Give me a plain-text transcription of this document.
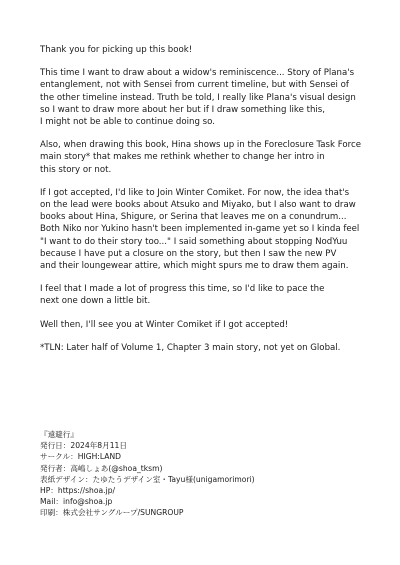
Thank you for picking up this book!

This time I want to draw about a widow's reminiscence... Story of Plana's
entanglement, not with Sensei from current timeline, but with Sensei of
the other timeline instead. Truth be told, I really like Plana's visual design
so I want to draw more about her but if I draw something like this,
I might not be able to continue doing so.

Also, when drawing this book, Hina shows up in the Foreclosure Task Force
main story* that makes me rethink whether to change her intro in
this story or not.

If I got accepted, I'd like to Join Winter Comiket. For now, the idea that's
on the lead were books about Atsuko and Miyako, but I also want to draw
books about Hina, Shigure, or Serina that leaves me on a conundrum...
Both Niko nor Yukino hasn't been implemented in-game yet so I kinda feel
"I want to do their story too..." I said something about stopping NodYuu
because I have put a closure on the story, but then I saw the new PV
and their loungewear attire, which might spurs me to draw them again.

I feel that I made a lot of progress this time, so I'd like to pace the
next one down a little bit.

Well then, I'll see you at Winter Comiket if I got accepted!

*TLN: Later half of Volume 1, Chapter 3 main story, not yet on Global.

『遠避行』
発行日：2024年8月11日
サークル：HIGH:LAND
発行者：高嶋しょあ(@shoa_tksm)
表紙デザイン：たゆたうデザイン室・Tayu様(unigamorimori)
HP：https://shoa.jp/
Mail：info@shoa.jp
印刷：株式会社サングループ/SUNGROUP
